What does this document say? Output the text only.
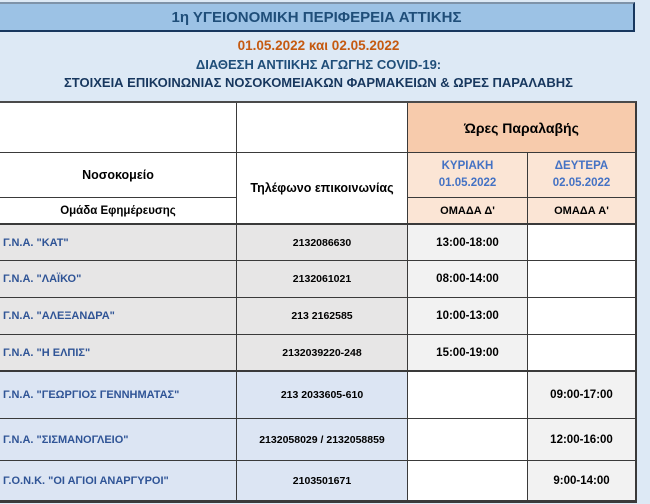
1η ΥΓΕΙΟΝΟΜΙΚΗ ΠΕΡΙΦΕΡΕΙΑ ΑΤΤΙΚΗΣ
01.05.2022 και 02.05.2022
ΔΙΑΘΕΣΗ ΑΝΤΙΙΚΗΣ ΑΓΩΓΗΣ COVID-19:
ΣΤΟΙΧΕΙΑ ΕΠΙΚΟΙΝΩΝΙΑΣ ΝΟΣΟΚΟΜΕΙΑΚΩΝ ΦΑΡΜΑΚΕΙΩΝ & ΩΡΕΣ ΠΑΡΑΛΑΒΗΣ
Ώρες Παραλαβής
Νοσοκομείο
Τηλέφωνο επικοινωνίας
ΚΥΡΙΑΚΗ
01.05.2022
ΔΕΥΤΕΡΑ
02.05.2022
Ομάδα Εφημέρευσης	ΟΜΑΔΑ Δ'	ΟΜΑΔΑ Α'
Γ.Ν.Α. "ΚΑΤ"	2132086630	13:00-18:00
Γ.Ν.Α. "ΛΑΪΚΟ"	2132061021	08:00-14:00
Γ.Ν.Α. "ΑΛΕΞΑΝΔΡΑ"	213 2162585	10:00-13:00
Γ.Ν.Α. "Η ΕΛΠΙΣ"	2132039220-248	15:00-19:00
Γ.Ν.Α. "ΓΕΩΡΓΙΟΣ ΓΕΝΝΗΜΑΤΑΣ"	213 2033605-610	09:00-17:00
Γ.Ν.Α. "ΣΙΣΜΑΝΟΓΛΕΙΟ"	2132058029 / 2132058859	12:00-16:00
Γ.Ο.Ν.Κ. "ΟΙ ΑΓΙΟΙ ΑΝΑΡΓΥΡΟΙ"	2103501671	9:00-14:00
